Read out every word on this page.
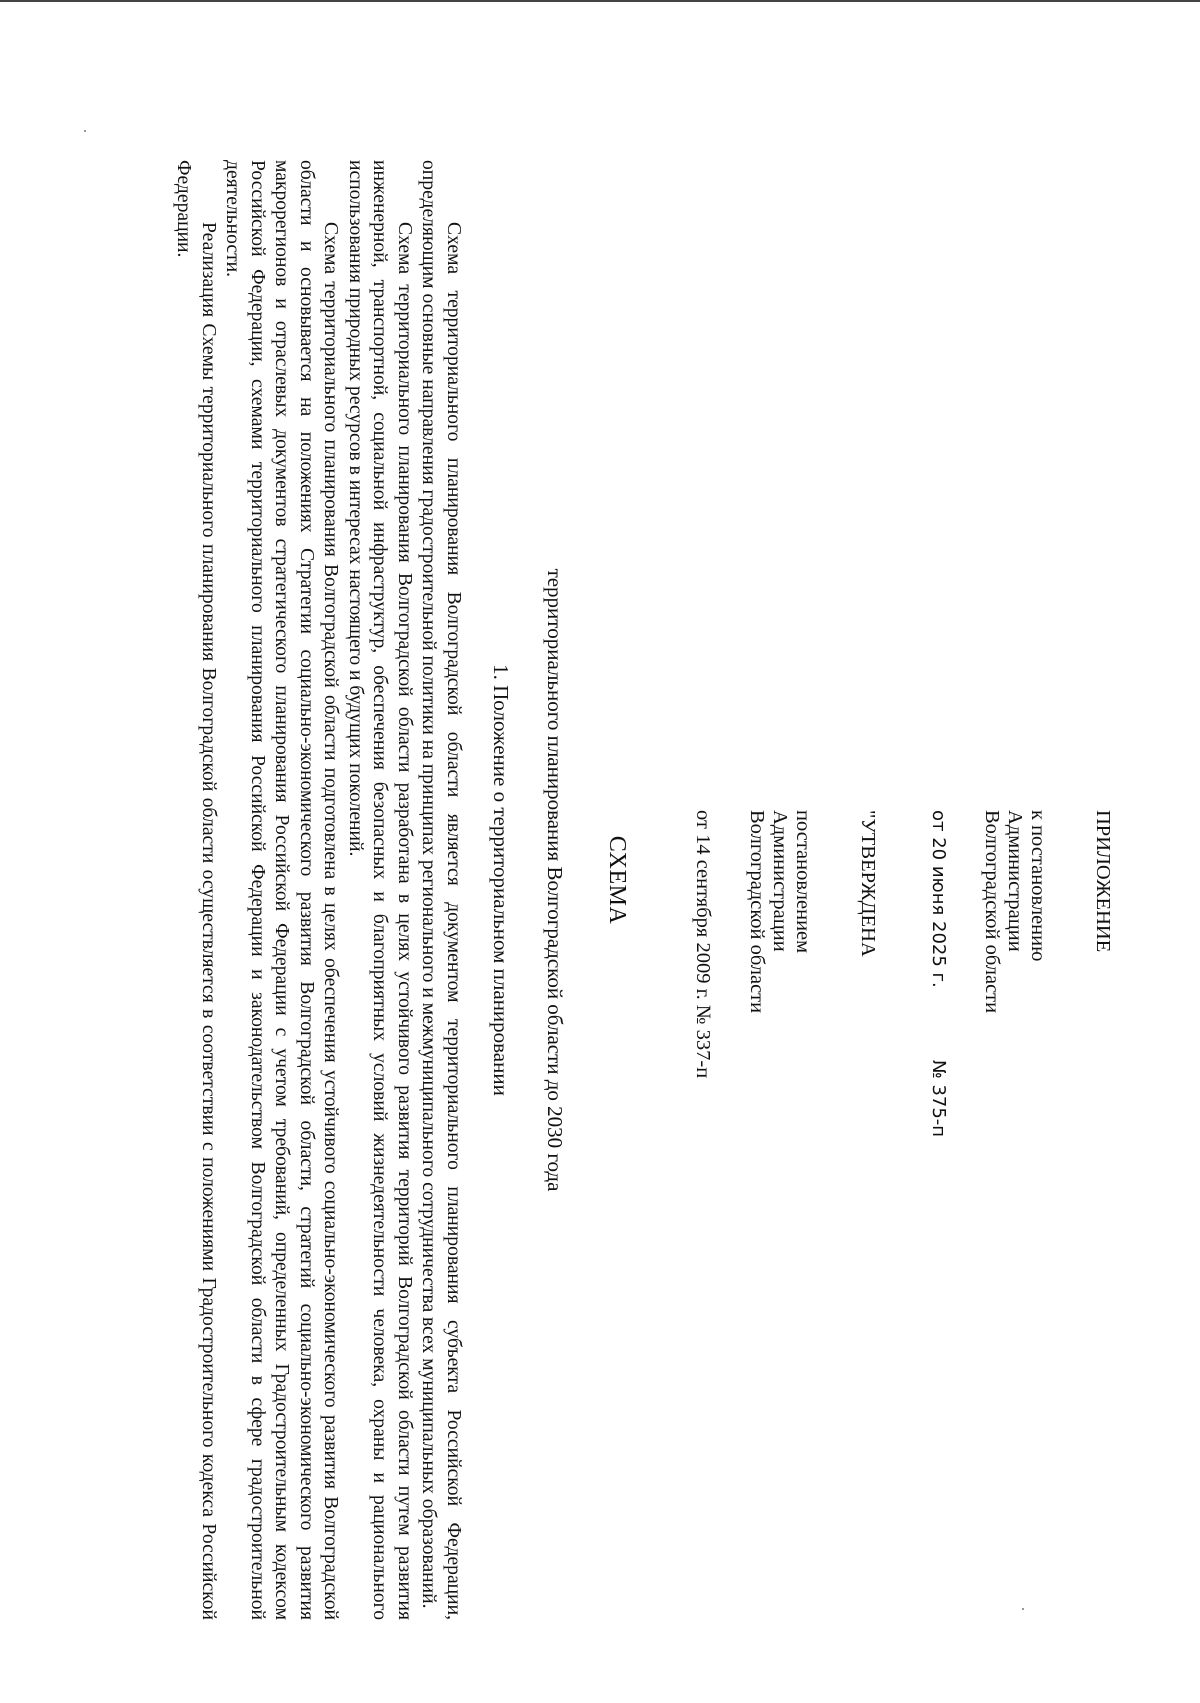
ПРИЛОЖЕНИЕ
к постановлению
Администрации
Волгоградской области
от 20 июня 2025 г.
№ 375-п
"УТВЕРЖДЕНА
постановлением
Администрации
Волгоградской области
от 14 сентября 2009 г. № 337-п
СХЕМА
территориального планирования Волгоградской области до 2030 года
1. Положение о территориальном планировании

Схема территориального планирования Волгоградской области является документом территориального планирования субъекта Российской Федерации, определяющим основные направления градостроительной политики на принципах регионального и межмуниципального сотрудничества всех муниципальных образований.

Схема территориального планирования Волгоградской области разработана в целях устойчивого развития территорий Волгоградской области путем развития инженерной, транспортной, социальной инфраструктур, обеспечения безопасных и благоприятных условий жизнедеятельности человека, охраны и рационального использования природных ресурсов в интересах настоящего и будущих поколений.

Схема территориального планирования Волгоградской области подготовлена в целях обеспечения устойчивого социально-экономического развития Волгоградской области и основывается на положениях Стратегии социально-экономического развития Волгоградской области, стратегий социально-экономического развития макрорегионов и отраслевых документов стратегического планирования Российской Федерации с учетом требований, определенных Градостроительным кодексом Российской Федерации, схемами территориального планирования Российской Федерации и законодательством Волгоградской области в сфере градостроительной деятельности.

Реализация Схемы территориального планирования Волгоградской области осуществляется в соответствии с положениями Градостроительного кодекса Российской Федерации.
